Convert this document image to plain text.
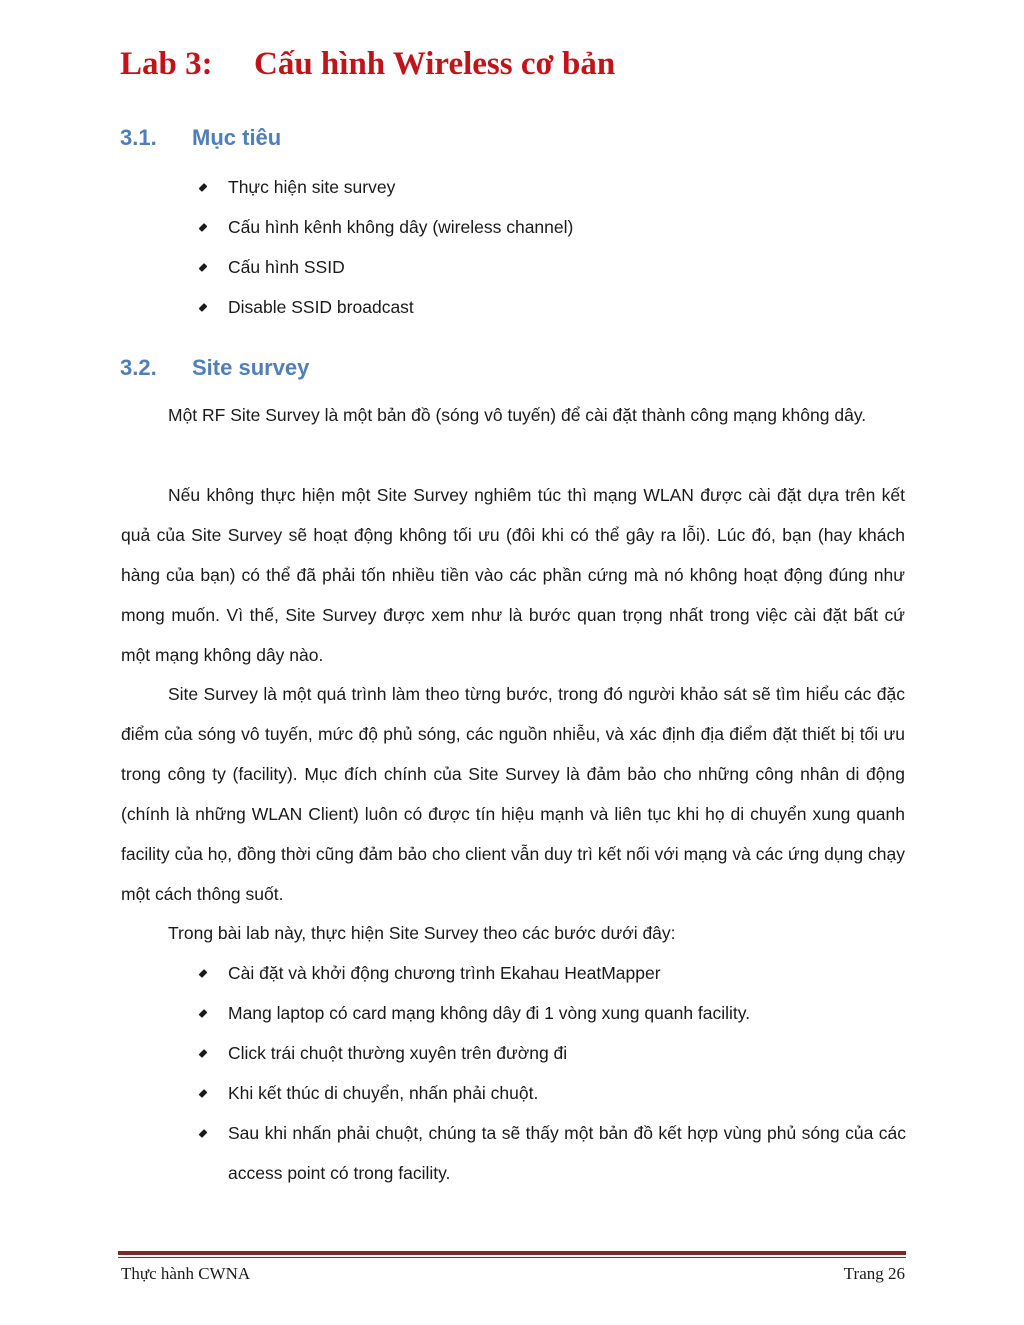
Lab 3: Cấu hình Wireless cơ bản
3.1. Mục tiêu
Thực hiện site survey
Cấu hình kênh không dây (wireless channel)
Cấu hình SSID
Disable SSID broadcast
3.2. Site survey

Một RF Site Survey là một bản đồ (sóng vô tuyến) để cài đặt thành công mạng không dây.

Nếu không thực hiện một Site Survey nghiêm túc thì mạng WLAN được cài đặt dựa trên kết quả của Site Survey sẽ hoạt động không tối ưu (đôi khi có thể gây ra lỗi). Lúc đó, bạn (hay khách hàng của bạn) có thể đã phải tốn nhiều tiền vào các phần cứng mà nó không hoạt động đúng như mong muốn. Vì thế, Site Survey được xem như là bước quan trọng nhất trong việc cài đặt bất cứ một mạng không dây nào.

Site Survey là một quá trình làm theo từng bước, trong đó người khảo sát sẽ tìm hiểu các đặc điểm của sóng vô tuyến, mức độ phủ sóng, các nguồn nhiễu, và xác định địa điểm đặt thiết bị tối ưu trong công ty (facility). Mục đích chính của Site Survey là đảm bảo cho những công nhân di động (chính là những WLAN Client) luôn có được tín hiệu mạnh và liên tục khi họ di chuyển xung quanh facility của họ, đồng thời cũng đảm bảo cho client vẫn duy trì kết nối với mạng và các ứng dụng chạy một cách thông suốt.

Trong bài lab này, thực hiện Site Survey theo các bước dưới đây:

Cài đặt và khởi động chương trình Ekahau HeatMapper
Mang laptop có card mạng không dây đi 1 vòng xung quanh facility.
Click trái chuột thường xuyên trên đường đi
Khi kết thúc di chuyển, nhấn phải chuột.
Sau khi nhấn phải chuột, chúng ta sẽ thấy một bản đồ kết hợp vùng phủ sóng của các access point có trong facility.
Thực hành CWNA	Trang 26
